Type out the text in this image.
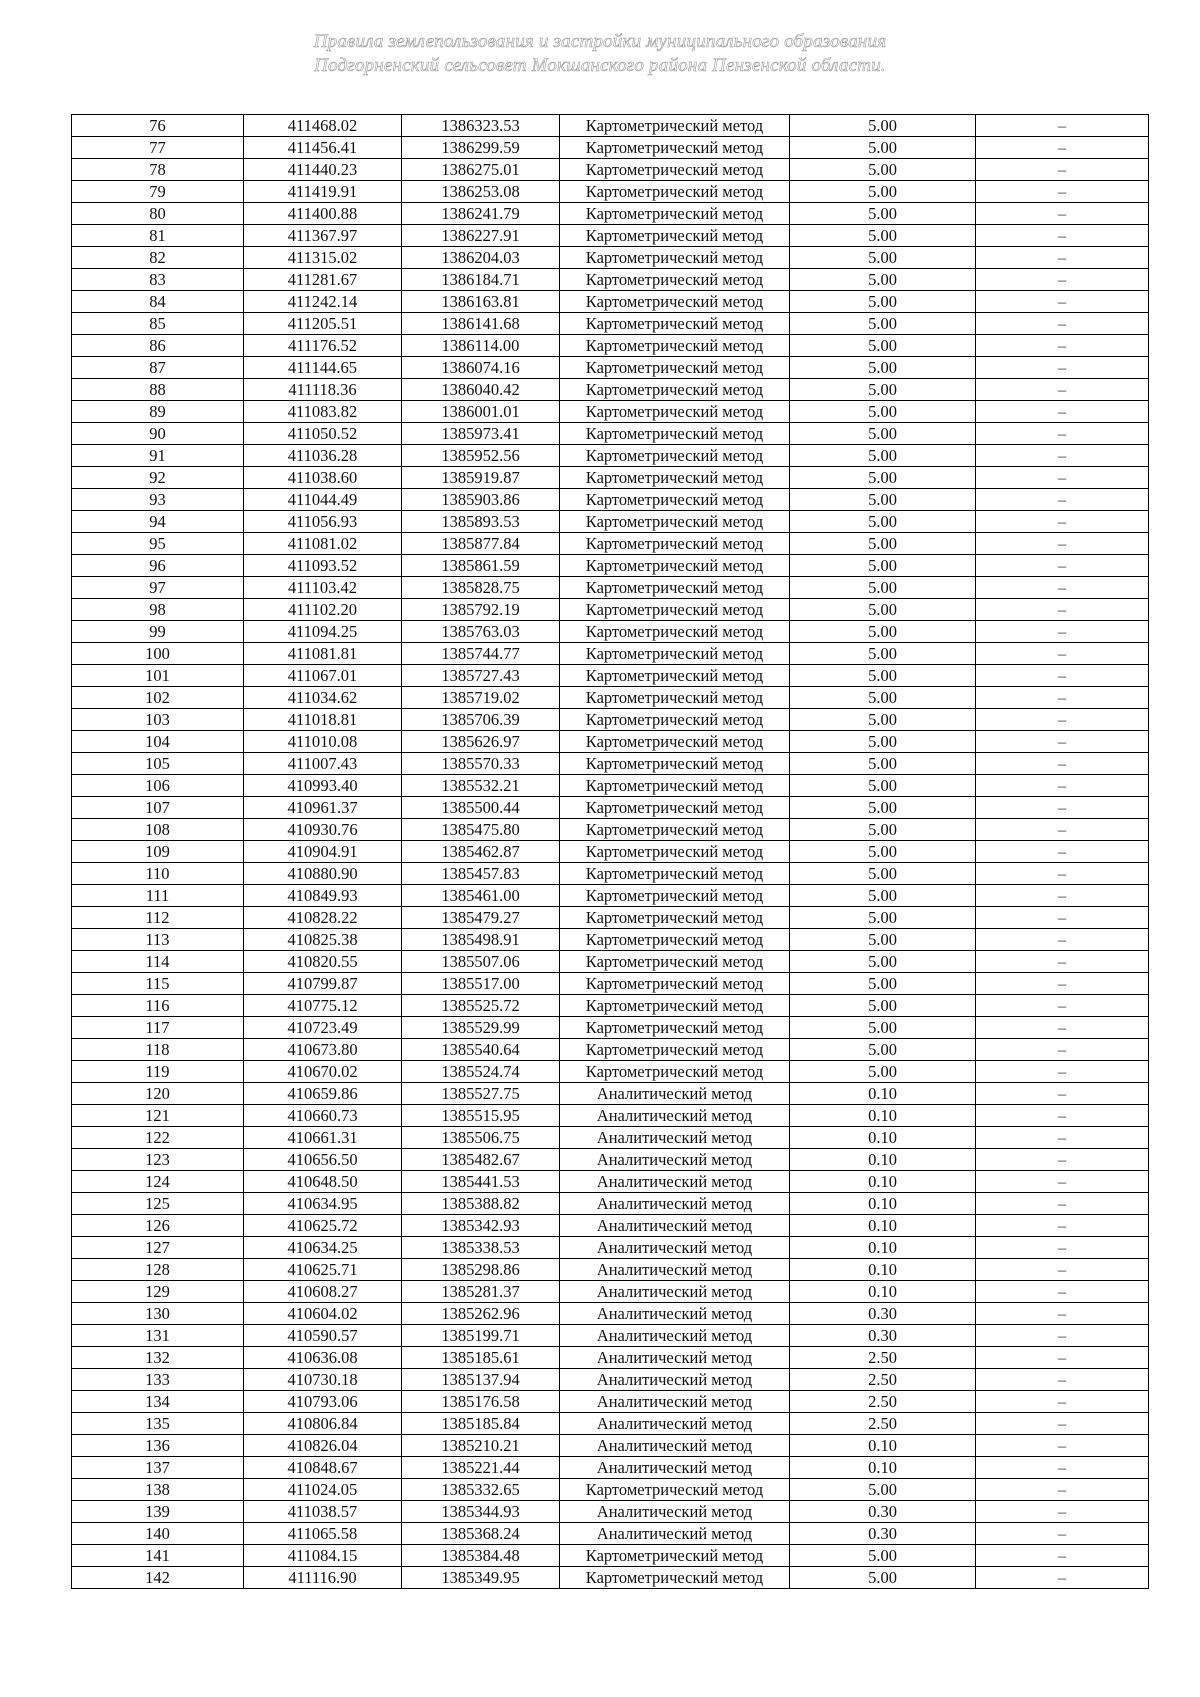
Правила землепользования и застройки муниципального образования
Подгорненский сельсовет Мокшанского района Пензенской области.
76	411468.02	1386323.53	Картометрический метод	5.00	–
77	411456.41	1386299.59	Картометрический метод	5.00	–
78	411440.23	1386275.01	Картометрический метод	5.00	–
79	411419.91	1386253.08	Картометрический метод	5.00	–
80	411400.88	1386241.79	Картометрический метод	5.00	–
81	411367.97	1386227.91	Картометрический метод	5.00	–
82	411315.02	1386204.03	Картометрический метод	5.00	–
83	411281.67	1386184.71	Картометрический метод	5.00	–
84	411242.14	1386163.81	Картометрический метод	5.00	–
85	411205.51	1386141.68	Картометрический метод	5.00	–
86	411176.52	1386114.00	Картометрический метод	5.00	–
87	411144.65	1386074.16	Картометрический метод	5.00	–
88	411118.36	1386040.42	Картометрический метод	5.00	–
89	411083.82	1386001.01	Картометрический метод	5.00	–
90	411050.52	1385973.41	Картометрический метод	5.00	–
91	411036.28	1385952.56	Картометрический метод	5.00	–
92	411038.60	1385919.87	Картометрический метод	5.00	–
93	411044.49	1385903.86	Картометрический метод	5.00	–
94	411056.93	1385893.53	Картометрический метод	5.00	–
95	411081.02	1385877.84	Картометрический метод	5.00	–
96	411093.52	1385861.59	Картометрический метод	5.00	–
97	411103.42	1385828.75	Картометрический метод	5.00	–
98	411102.20	1385792.19	Картометрический метод	5.00	–
99	411094.25	1385763.03	Картометрический метод	5.00	–
100	411081.81	1385744.77	Картометрический метод	5.00	–
101	411067.01	1385727.43	Картометрический метод	5.00	–
102	411034.62	1385719.02	Картометрический метод	5.00	–
103	411018.81	1385706.39	Картометрический метод	5.00	–
104	411010.08	1385626.97	Картометрический метод	5.00	–
105	411007.43	1385570.33	Картометрический метод	5.00	–
106	410993.40	1385532.21	Картометрический метод	5.00	–
107	410961.37	1385500.44	Картометрический метод	5.00	–
108	410930.76	1385475.80	Картометрический метод	5.00	–
109	410904.91	1385462.87	Картометрический метод	5.00	–
110	410880.90	1385457.83	Картометрический метод	5.00	–
111	410849.93	1385461.00	Картометрический метод	5.00	–
112	410828.22	1385479.27	Картометрический метод	5.00	–
113	410825.38	1385498.91	Картометрический метод	5.00	–
114	410820.55	1385507.06	Картометрический метод	5.00	–
115	410799.87	1385517.00	Картометрический метод	5.00	–
116	410775.12	1385525.72	Картометрический метод	5.00	–
117	410723.49	1385529.99	Картометрический метод	5.00	–
118	410673.80	1385540.64	Картометрический метод	5.00	–
119	410670.02	1385524.74	Картометрический метод	5.00	–
120	410659.86	1385527.75	Аналитический метод	0.10	–
121	410660.73	1385515.95	Аналитический метод	0.10	–
122	410661.31	1385506.75	Аналитический метод	0.10	–
123	410656.50	1385482.67	Аналитический метод	0.10	–
124	410648.50	1385441.53	Аналитический метод	0.10	–
125	410634.95	1385388.82	Аналитический метод	0.10	–
126	410625.72	1385342.93	Аналитический метод	0.10	–
127	410634.25	1385338.53	Аналитический метод	0.10	–
128	410625.71	1385298.86	Аналитический метод	0.10	–
129	410608.27	1385281.37	Аналитический метод	0.10	–
130	410604.02	1385262.96	Аналитический метод	0.30	–
131	410590.57	1385199.71	Аналитический метод	0.30	–
132	410636.08	1385185.61	Аналитический метод	2.50	–
133	410730.18	1385137.94	Аналитический метод	2.50	–
134	410793.06	1385176.58	Аналитический метод	2.50	–
135	410806.84	1385185.84	Аналитический метод	2.50	–
136	410826.04	1385210.21	Аналитический метод	0.10	–
137	410848.67	1385221.44	Аналитический метод	0.10	–
138	411024.05	1385332.65	Картометрический метод	5.00	–
139	411038.57	1385344.93	Аналитический метод	0.30	–
140	411065.58	1385368.24	Аналитический метод	0.30	–
141	411084.15	1385384.48	Картометрический метод	5.00	–
142	411116.90	1385349.95	Картометрический метод	5.00	–
